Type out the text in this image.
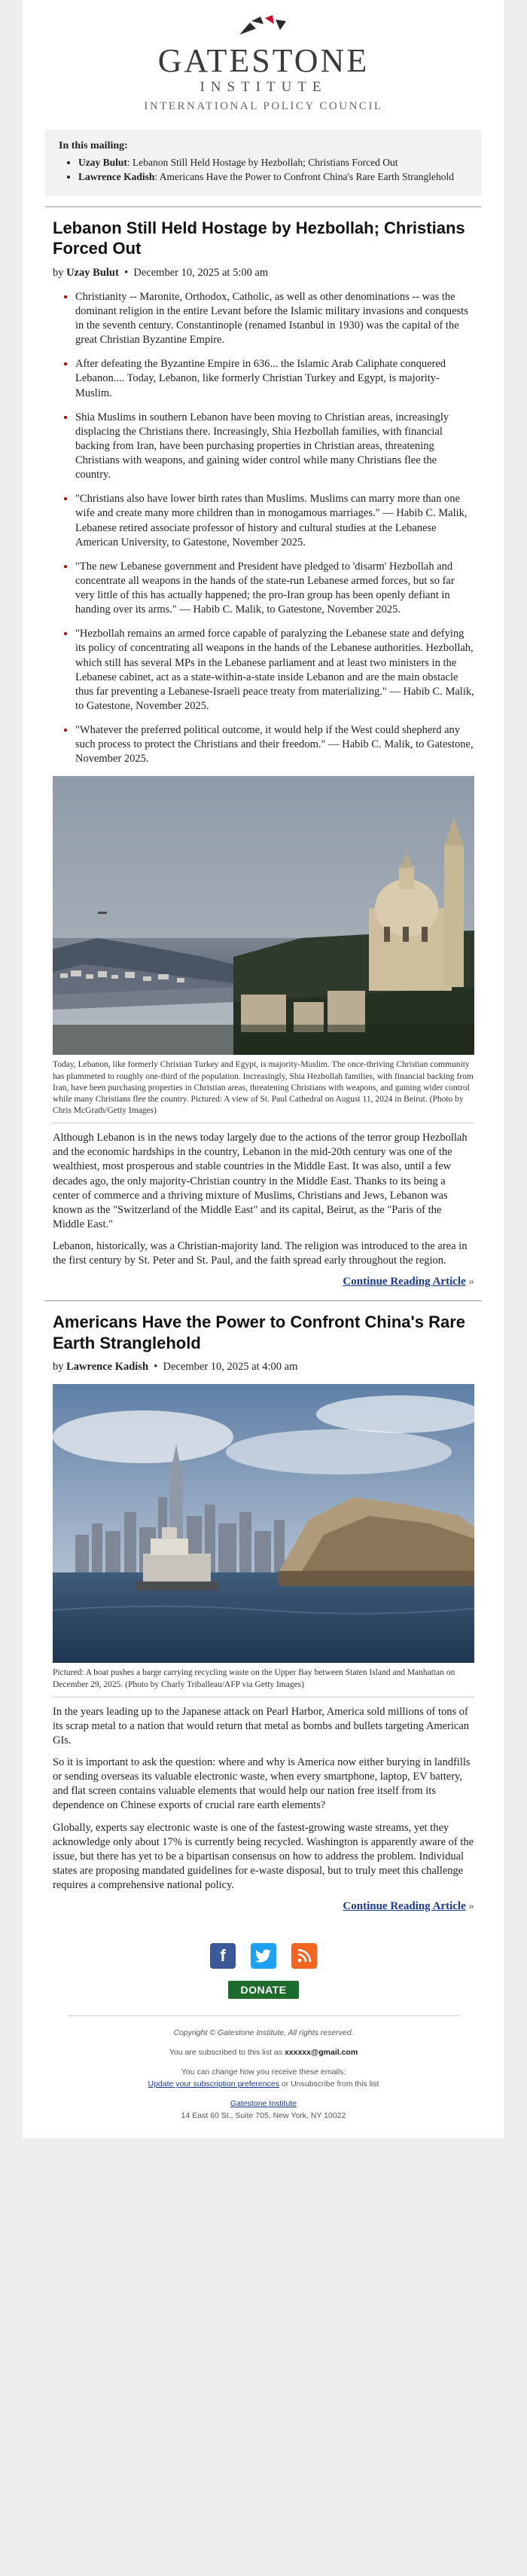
GATESTONE
INSTITUTE
INTERNATIONAL POLICY COUNCIL
In this mailing:
• Uzay Bulut: Lebanon Still Held Hostage by Hezbollah; Christians Forced Out
• Lawrence Kadish: Americans Have the Power to Confront China's Rare Earth Stranglehold
Lebanon Still Held Hostage by Hezbollah; Christians Forced Out
by Uzay Bulut  •  December 10, 2025 at 5:00 am
• Christianity -- Maronite, Orthodox, Catholic, as well as other denominations -- was the dominant religion in the entire Levant before the Islamic military invasions and conquests in the seventh century. Constantinople (renamed Istanbul in 1930) was the capital of the great Christian Byzantine Empire.
• After defeating the Byzantine Empire in 636... the Islamic Arab Caliphate conquered Lebanon.... Today, Lebanon, like formerly Christian Turkey and Egypt, is majority-Muslim.
• Shia Muslims in southern Lebanon have been moving to Christian areas, increasingly displacing the Christians there. Increasingly, Shia Hezbollah families, with financial backing from Iran, have been purchasing properties in Christian areas, threatening Christians with weapons, and gaining wider control while many Christians flee the country.
• "Christians also have lower birth rates than Muslims. Muslims can marry more than one wife and create many more children than in monogamous marriages." — Habib C. Malik, Lebanese retired associate professor of history and cultural studies at the Lebanese American University, to Gatestone, November 2025.
• "The new Lebanese government and President have pledged to 'disarm' Hezbollah and concentrate all weapons in the hands of the state-run Lebanese armed forces, but so far very little of this has actually happened; the pro-Iran group has been openly defiant in handing over its arms." — Habib C. Malik, to Gatestone, November 2025.
• "Hezbollah remains an armed force capable of paralyzing the Lebanese state and defying its policy of concentrating all weapons in the hands of the Lebanese authorities. Hezbollah, which still has several MPs in the Lebanese parliament and at least two ministers in the Lebanese cabinet, act as a state-within-a-state inside Lebanon and are the main obstacle thus far preventing a Lebanese-Israeli peace treaty from materializing." — Habib C. Malik, to Gatestone, November 2025.
• "Whatever the preferred political outcome, it would help if the West could shepherd any such process to protect the Christians and their freedom." — Habib C. Malik, to Gatestone, November 2025.
Today, Lebanon, like formerly Christian Turkey and Egypt, is majority-Muslim. The once-thriving Christian community has plummeted to roughly one-third of the population. Increasingly, Shia Hezbollah families, with financial backing from Iran, have been purchasing properties in Christian areas, threatening Christians with weapons, and gaining wider control while many Christians flee the country. Pictured: A view of St. Paul Cathedral on August 11, 2024 in Beirut. (Photo by Chris McGrath/Getty Images)

Although Lebanon is in the news today largely due to the actions of the terror group Hezbollah and the economic hardships in the country, Lebanon in the mid-20th century was one of the wealthiest, most prosperous and stable countries in the Middle East. It was also, until a few decades ago, the only majority-Christian country in the Middle East. Thanks to its being a center of commerce and a thriving mixture of Muslims, Christians and Jews, Lebanon was known as the "Switzerland of the Middle East" and its capital, Beirut, as the "Paris of the Middle East."

Lebanon, historically, was a Christian-majority land. The religion was introduced to the area in the first century by St. Peter and St. Paul, and the faith spread early throughout the region.

Continue Reading Article »
Americans Have the Power to Confront China's Rare Earth Stranglehold
by Lawrence Kadish  •  December 10, 2025 at 4:00 am
Pictured: A boat pushes a barge carrying recycling waste on the Upper Bay between Staten Island and Manhattan on December 29, 2025. (Photo by Charly Triballeau/AFP via Getty Images)

In the years leading up to the Japanese attack on Pearl Harbor, America sold millions of tons of its scrap metal to a nation that would return that metal as bombs and bullets targeting American GIs.

So it is important to ask the question: where and why is America now either burying in landfills or sending overseas its valuable electronic waste, when every smartphone, laptop, EV battery, and flat screen contains valuable elements that would help our nation free itself from its dependence on Chinese exports of crucial rare earth elements?

Globally, experts say electronic waste is one of the fastest-growing waste streams, yet they acknowledge only about 17% is currently being recycled. Washington is apparently aware of the issue, but there has yet to be a bipartisan consensus on how to address the problem. Individual states are proposing mandated guidelines for e-waste disposal, but to truly meet this challenge requires a comprehensive national policy.

Continue Reading Article »
f
DONATE
Copyright © Gatestone Institute, All rights reserved.
You are subscribed to this list as xxxxxx@gmail.com
You can change how you receive these emails:
Update your subscription preferences or Unsubscribe from this list
Gatestone Institute
14 East 60 St., Suite 705, New York, NY 10022
